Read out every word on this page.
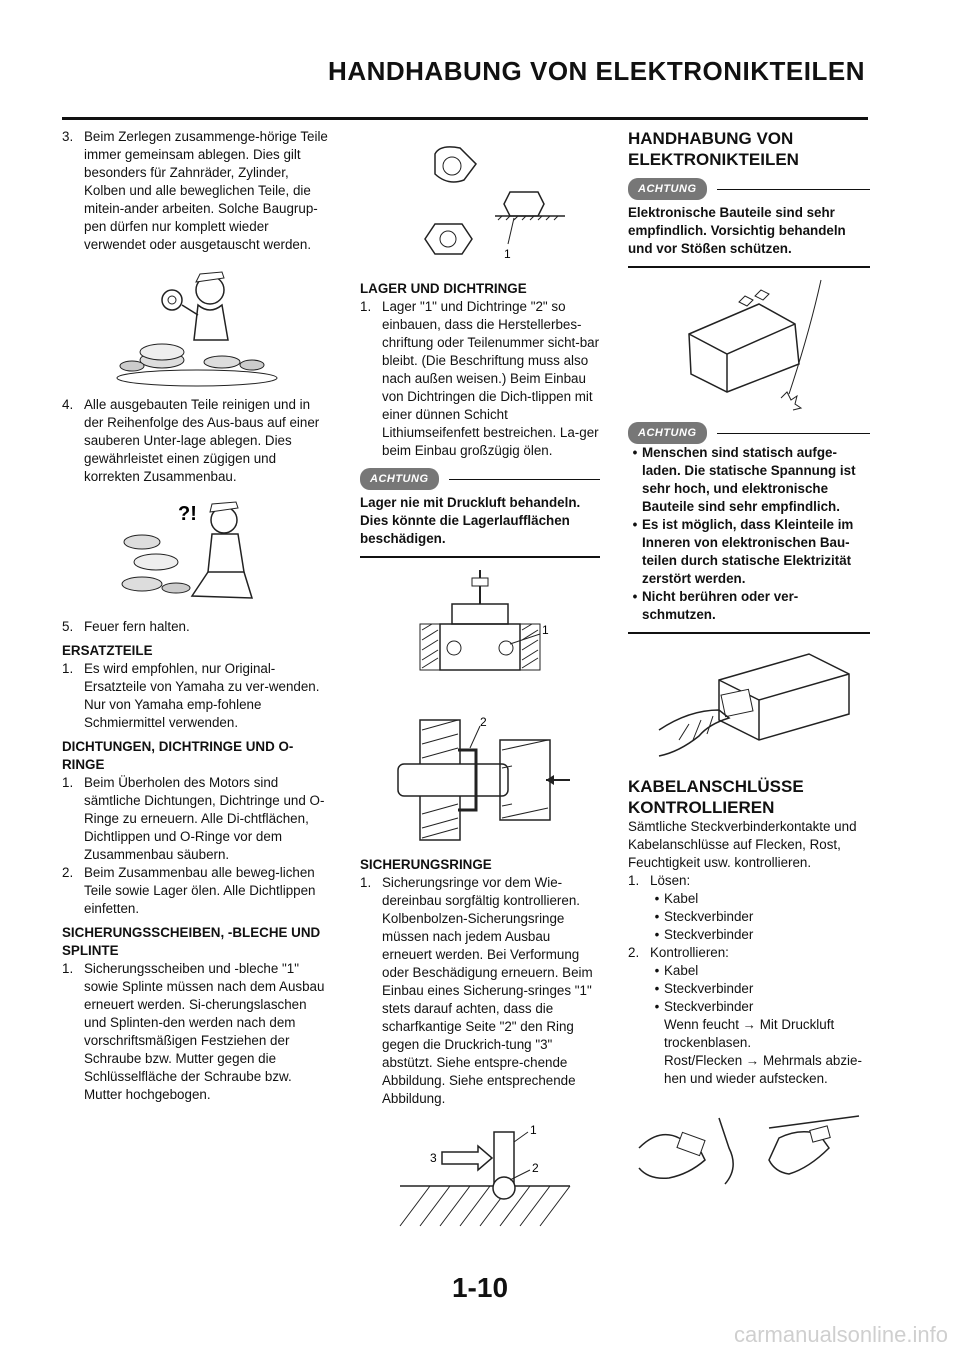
HANDHABUNG VON ELEKTRONIKTEILEN
3. Beim Zerlegen zusammenge-hörige Teile immer gemeinsam ablegen. Dies gilt besonders für Zahnräder, Zylinder, Kolben und alle beweglichen Teile, die mitein-ander arbeiten. Solche Baugrup-pen dürfen nur komplett wieder verwendet oder ausgetauscht werden.
4. Alle ausgebauten Teile reinigen und in der Reihenfolge des Aus-baus auf einer sauberen Unter-lage ablegen. Dies gewährleistet einen zügigen und korrekten Zusammenbau.
?!
5. Feuer fern halten.
ERSATZTEILE
1. Es wird empfohlen, nur Original-Ersatzteile von Yamaha zu ver-wenden. Nur von Yamaha emp-fohlene Schmiermittel verwenden.
DICHTUNGEN, DICHTRINGE UND O-RINGE
1. Beim Überholen des Motors sind sämtliche Dichtungen, Dichtringe und O-Ringe zu erneuern. Alle Di-chtflächen, Dichtlippen und O-Ringe vor dem Zusammenbau säubern.
2. Beim Zusammenbau alle beweg-lichen Teile sowie Lager ölen. Alle Dichtlippen einfetten.
SICHERUNGSSCHEIBEN, -BLECHE UND SPLINTE
1. Sicherungsscheiben und -bleche "1" sowie Splinte müssen nach dem Ausbau erneuert werden. Si-cherungslaschen und Splinten-den werden nach dem vorschriftsmäßigen Festziehen der Schraube bzw. Mutter gegen die Schlüsselfläche der Schraube bzw. Mutter hochgebogen.
1
LAGER UND DICHTRINGE
1. Lager "1" und Dichtringe "2" so einbauen, dass die Herstellerbes-chriftung oder Teilenummer sicht-bar bleibt. (Die Beschriftung muss also nach außen weisen.) Beim Einbau von Dichtringen die Dich-tlippen mit einer dünnen Schicht Lithiumseifenfett bestreichen. La-ger beim Einbau großzügig ölen.
ACHTUNG
Lager nie mit Druckluft behandeln. Dies könnte die Lagerlaufflächen beschädigen.
1
2
SICHERUNGSRINGE
1. Sicherungsringe vor dem Wie-dereinbau sorgfältig kontrollieren. Kolbenbolzen-Sicherungsringe müssen nach jedem Ausbau erneuert werden. Bei Verformung oder Beschädigung erneuern. Beim Einbau eines Sicherung-sringes "1" stets darauf achten, dass die scharfkantige Seite "2" den Ring gegen die Druckrich-tung "3" abstützt. Siehe entspre-chende Abbildung. Siehe entsprechende Abbildung.
1
2
3
HANDHABUNG VON ELEKTRONIKTEILEN
ACHTUNG
Elektronische Bauteile sind sehr empfindlich. Vorsichtig behandeln und vor Stößen schützen.
ACHTUNG
• Menschen sind statisch aufge-laden. Die statische Spannung ist sehr hoch, und elektronische Bauteile sind sehr empfindlich.
• Es ist möglich, dass Kleinteile im Inneren von elektronischen Bau-teilen durch statische Elektrizität zerstört werden.
• Nicht berühren oder ver-schmutzen.
KABELANSCHLÜSSE KONTROLLIEREN
Sämtliche Steckverbinderkontakte und Kabelanschlüsse auf Flecken, Rost, Feuchtigkeit usw. kontrollieren.
1. Lösen:
• Kabel
• Steckverbinder
• Steckverbinder
2. Kontrollieren:
• Kabel
• Steckverbinder
• Steckverbinder
Wenn feucht → Mit Druckluft trockenblasen.
Rost/Flecken → Mehrmals abzie-hen und wieder aufstecken.
1-10
carmanualsonline.info
